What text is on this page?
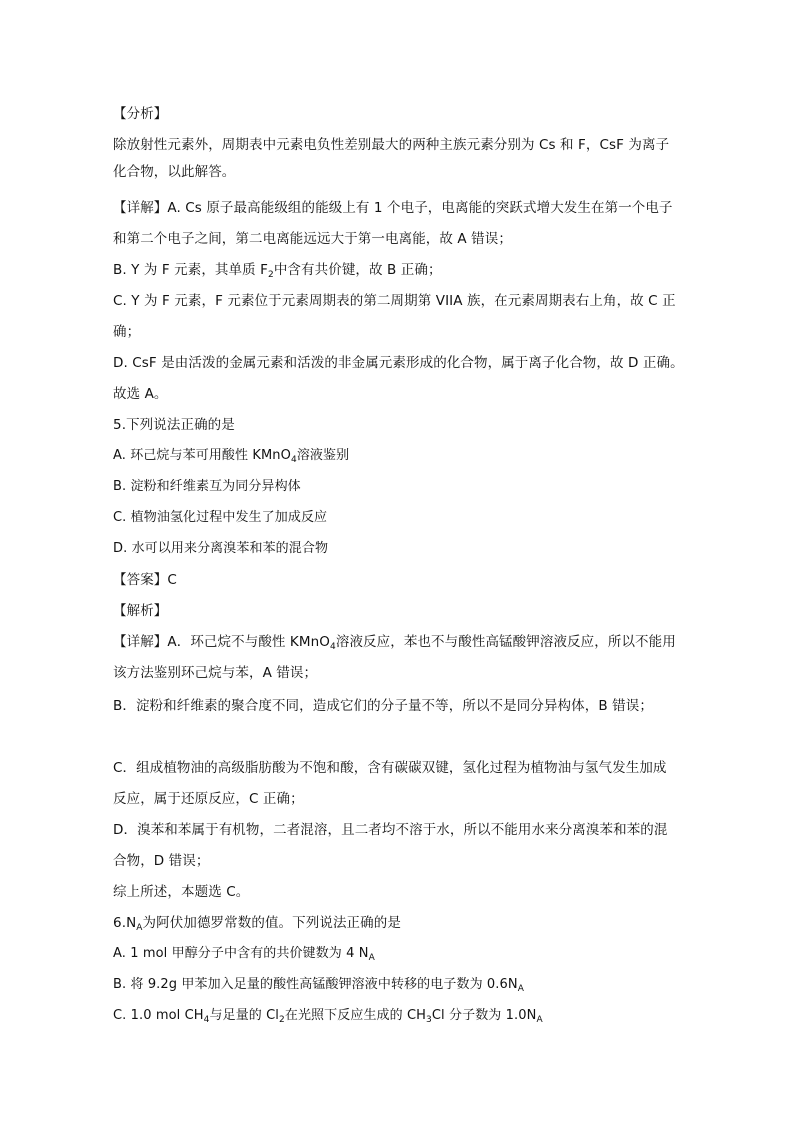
【分析】
除放射性元素外，周期表中元素电负性差别最大的两种主族元素分别为 Cs 和 F，CsF 为离子
化合物，以此解答。
【详解】A. Cs 原子最高能级组的能级上有 1 个电子，电离能的突跃式增大发生在第一个电子
和第二个电子之间，第二电离能远远大于第一电离能，故 A 错误；
B. Y 为 F 元素，其单质 $F_2$中含有共价键，故 B 正确；
C. Y 为 F 元素，F 元素位于元素周期表的第二周期第 VIIA 族，在元素周期表右上角，故 C 正
确；
D. CsF 是由活泼的金属元素和活泼的非金属元素形成的化合物，属于离子化合物，故 D 正确。
故选 A。
5.下列说法正确的是
A. 环己烷与苯可用酸性 KMnO$_4$溶液鉴别
B. 淀粉和纤维素互为同分异构体
C. 植物油氢化过程中发生了加成反应
D. 水可以用来分离溴苯和苯的混合物
【答案】C
【解析】
【详解】A．环己烷不与酸性 KMnO$_4$溶液反应，苯也不与酸性高锰酸钾溶液反应，所以不能用
该方法鉴别环己烷与苯，A 错误；
B．淀粉和纤维素的聚合度不同，造成它们的分子量不等，所以不是同分异构体，B 错误；
C．组成植物油的高级脂肪酸为不饱和酸，含有碳碳双键，氢化过程为植物油与氢气发生加成
反应，属于还原反应，C 正确；
D．溴苯和苯属于有机物，二者混溶，且二者均不溶于水，所以不能用水来分离溴苯和苯的混
合物，D 错误；
综上所述，本题选 C。
$6.N_A$为阿伏加德罗常数的值。下列说法正确的是
A. 1 mol 甲醇分子中含有的共价键数为 4 $N_A$
B. 将 9.2g 甲苯加入足量的酸性高锰酸钾溶液中转移的电子数为 $0.6N_A$
C. 1.0 mol $CH_4$与足量的 $Cl_2$在光照下反应生成的 $CH_3Cl$ 分子数为 $1.0N_A$
